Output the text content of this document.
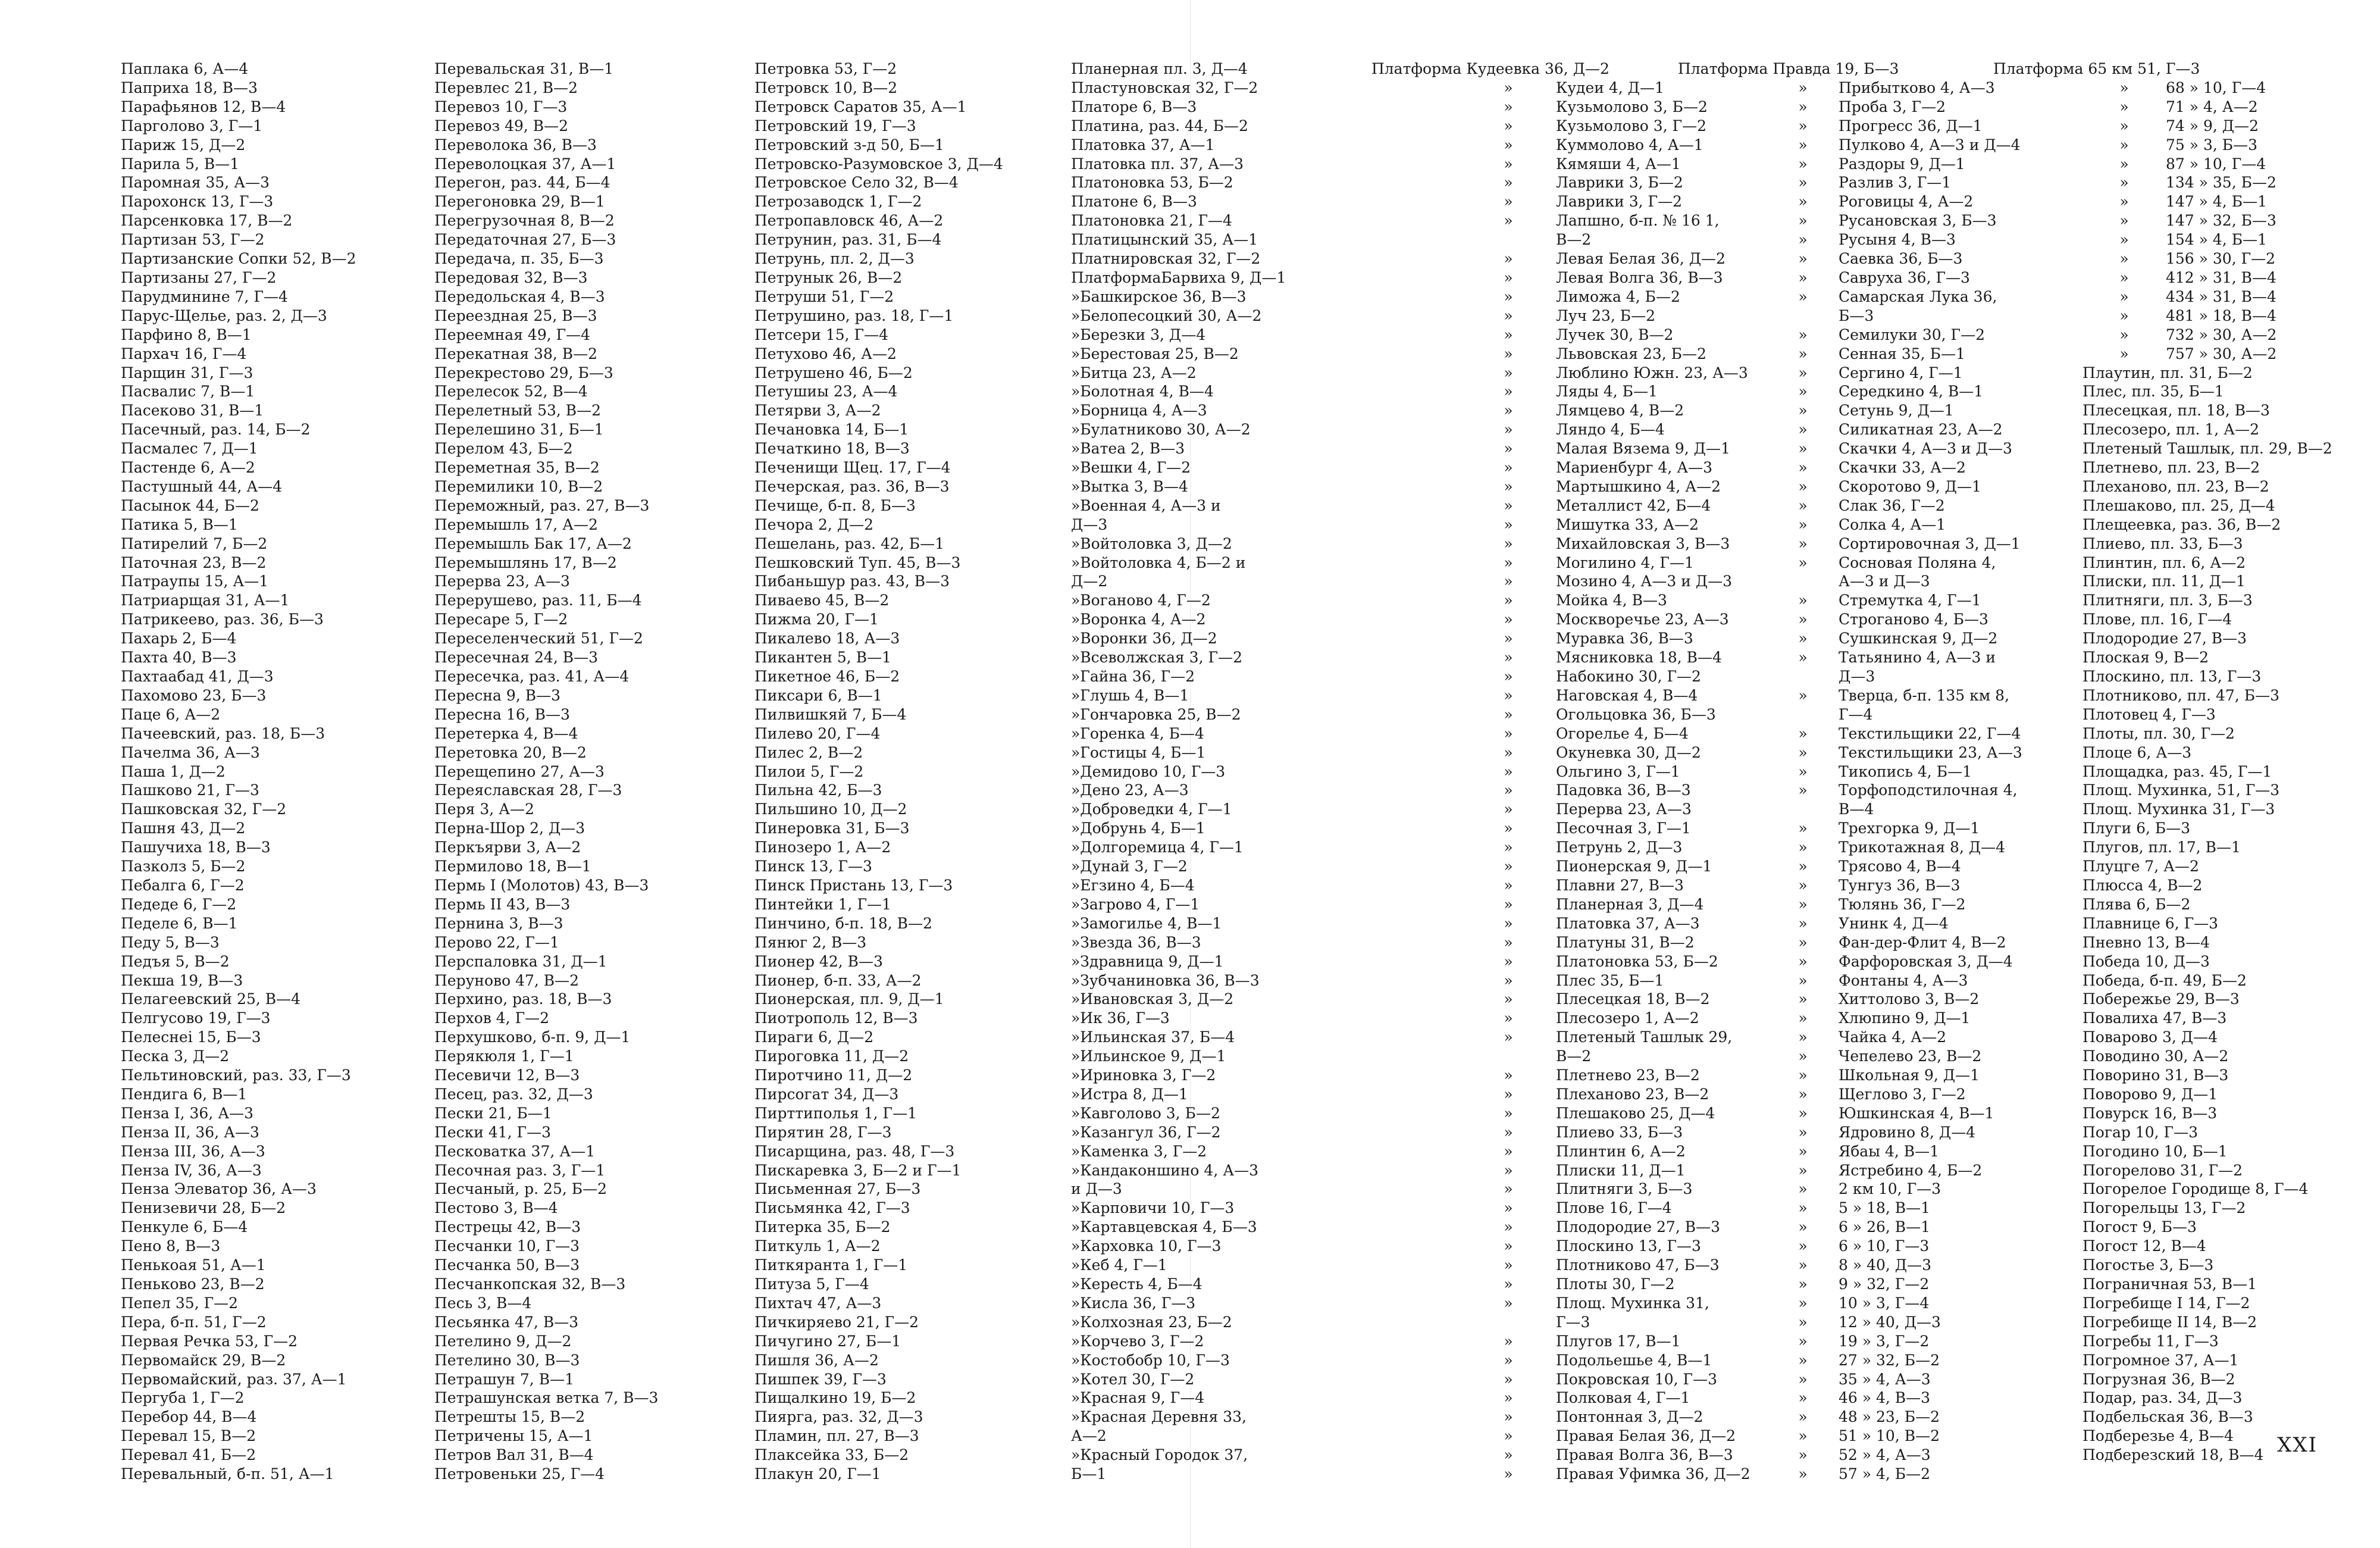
Паплака 6, А—4
Паприха 18, В—3
Парафьянов 12, В—4
Парголово 3, Г—1
Париж 15, Д—2
Парила 5, В—1
Паромная 35, А—3
Парохонск 13, Г—3
Парсенковка 17, В—2
Партизан 53, Г—2
Партизанские Сопки 52, В—2
Партизаны 27, Г—2
Парудминине 7, Г—4
Парус-Щелье, раз. 2, Д—3
Парфино 8, В—1
Пархач 16, Г—4
Парщин 31, Г—3
Пасвалис 7, В—1
Пасеково 31, В—1
Пасечный, раз. 14, Б—2
Пасмалес 7, Д—1
Пастенде 6, А—2
Пастушный 44, А—4
Пасынок 44, Б—2
Патика 5, В—1
Патирелий 7, Б—2
Паточная 23, В—2
Патраупы 15, А—1
Патриарщая 31, А—1
Патрикеево, раз. 36, Б—3
Пахарь 2, Б—4
Пахта 40, В—3
Пахтаабад 41, Д—3
Пахомово 23, Б—3
Паце 6, А—2
Пачеевский, раз. 18, Б—3
Пачелма 36, А—3
Паша 1, Д—2
Пашково 21, Г—3
Пашковская 32, Г—2
Пашня 43, Д—2
Пашучиха 18, В—3
Пазколз 5, Б—2
Пебалга 6, Г—2
Педеде 6, Г—2
Педеле 6, В—1
Педу 5, В—3
Педъя 5, В—2
Пекша 19, В—3
Пелагеевский 25, В—4
Пелгусово 19, Г—3
Пелеснеі 15, Б—3
Песка 3, Д—2
Пельтиновский, раз. 33, Г—3
Пендига 6, В—1
Пенза I, 36, А—3
Пенза II, 36, А—3
Пенза III, 36, А—3
Пенза IV, 36, А—3
Пенза Элеватор 36, А—3
Пенизевичи 28, Б—2
Пенкуле 6, Б—4
Пено 8, В—3
Пенькоая 51, А—1
Пеньково 23, В—2
Пепел 35, Г—2
Пера, б-п. 51, Г—2
Первая Речка 53, Г—2
Первомайск 29, В—2
Первомайский, раз. 37, А—1
Пергуба 1, Г—2
Перебор 44, В—4
Перевал 15, В—2
Перевал 41, Б—2
Перевальный, б-п. 51, А—1
Перевальская 31, В—1
Перевлес 21, В—2
Перевоз 10, Г—3
Перевоз 49, В—2
Переволока 36, В—3
Переволоцкая 37, А—1
Перегон, раз. 44, Б—4
Перегоновка 29, В—1
Перегрузочная 8, В—2
Передаточная 27, Б—3
Передача, п. 35, Б—3
Передовая 32, В—3
Передольская 4, В—3
Переездная 25, В—3
Переемная 49, Г—4
Перекатная 38, В—2
Перекрестово 29, Б—3
Перелесок 52, В—4
Перелетный 53, В—2
Перелешино 31, Б—1
Перелом 43, Б—2
Переметная 35, В—2
Перемилики 10, В—2
Переможный, раз. 27, В—3
Перемышль 17, А—2
Перемышль Бак 17, А—2
Перемышлянь 17, В—2
Перерва 23, А—3
Перерушево, раз. 11, Б—4
Пересаре 5, Г—2
Переселенческий 51, Г—2
Пересечная 24, В—3
Пересечка, раз. 41, А—4
Пересна 9, В—3
Пересна 16, В—3
Перетерка 4, В—4
Перетовка 20, В—2
Перещепино 27, А—3
Переяславская 28, Г—3
Перя 3, А—2
Перна-Шор 2, Д—3
Перкъярви 3, А—2
Пермилово 18, В—1
Пермь I (Молотов) 43, В—3
Пермь II 43, В—3
Пернина 3, В—3
Перово 22, Г—1
Перспаловка 31, Д—1
Перуново 47, В—2
Перхино, раз. 18, В—3
Перхов 4, Г—2
Перхушково, б-п. 9, Д—1
Перякюля 1, Г—1
Песевичи 12, В—3
Песец, раз. 32, Д—3
Пески 21, Б—1
Пески 41, Г—3
Песковатка 37, А—1
Песочная раз. 3, Г—1
Песчаный, р. 25, Б—2
Пестово 3, В—4
Пестрецы 42, В—3
Песчанки 10, Г—3
Песчанка 50, В—3
Песчанкопская 32, В—3
Песь 3, В—4
Песьянка 47, В—3
Петелино 9, Д—2
Петелино 30, В—3
Петрашун 7, В—1
Петрашунская ветка 7, В—3
Петрешты 15, В—2
Петричены 15, А—1
Петров Вал 31, В—4
Петровеньки 25, Г—4
Петровка 53, Г—2
Петровск 10, В—2
Петровск Саратов 35, А—1
Петровский 19, Г—3
Петровский з-д 50, Б—1
Петровско-Разумовское 3, Д—4
Петровское Село 32, В—4
Петрозаводск 1, Г—2
Петропавловск 46, А—2
Петрунин, раз. 31, Б—4
Петрунь, пл. 2, Д—3
Петрунык 26, В—2
Петруши 51, Г—2
Петрушино, раз. 18, Г—1
Петсери 15, Г—4
Петухово 46, А—2
Петрушено 46, Б—2
Петушиы 23, А—4
Петярви 3, А—2
Печановка 14, Б—1
Печаткино 18, В—3
Печенищи Щец. 17, Г—4
Печерская, раз. 36, В—3
Печище, б-п. 8, Б—3
Печора 2, Д—2
Пешелань, раз. 42, Б—1
Пешковский Туп. 45, В—3
Пибаньшур раз. 43, В—3
Пиваево 45, В—2
Пижма 20, Г—1
Пикалево 18, А—3
Пикантен 5, В—1
Пикетное 46, Б—2
Пиксари 6, В—1
Пилвишкяй 7, Б—4
Пилево 20, Г—4
Пилес 2, В—2
Пилои 5, Г—2
Пильна 42, Б—3
Пильшино 10, Д—2
Пинеровка 31, Б—3
Пинозеро 1, А—2
Пинск 13, Г—3
Пинск Пристань 13, Г—3
Пинтейки 1, Г—1
Пинчино, б-п. 18, В—2
Пянюг 2, В—3
Пионер 42, В—3
Пионер, б-п. 33, А—2
Пионерская, пл. 9, Д—1
Пиотрополь 12, В—3
Пираги 6, Д—2
Пироговка 11, Д—2
Пиротчино 11, Д—2
Пирсогат 34, Д—3
Пирттиполья 1, Г—1
Пирятин 28, Г—3
Писарщина, раз. 48, Г—3
Пискаревка 3, Б—2 и Г—1
Письменная 27, Б—3
Письмянка 42, Г—3
Питерка 35, Б—2
Питкуль 1, А—2
Питкяранта 1, Г—1
Питуза 5, Г—4
Пихтач 47, А—3
Пичкиряево 21, Г—2
Пичугино 27, Б—1
Пишля 36, А—2
Пишпек 39, Г—3
Пищалкино 19, Б—2
Пиярга, раз. 32, Д—3
Пламин, пл. 27, В—3
Плакcейка 33, Б—2
Плакун 20, Г—1
Планерная пл. 3, Д—4
Пластуновская 32, Г—2
Платоре 6, В—3
Платина, раз. 44, Б—2
Платовка 37, А—1
Платовка пл. 37, А—3
Платоновка 53, Б—2
Платоне 6, В—3
Платоновка 21, Г—4
Платицынский 35, А—1
Платнировская 32, Г—2
ПлатформаБарвиха 9, Д—1
»Башкирское 36, В—3
»Белопесоцкий 30, А—2
»Березки 3, Д—4
»Берестовая 25, В—2
»Битца 23, А—2
»Болотная 4, В—4
»Борница 4, А—3
»Булатниково 30, А—2
»Ватеа 2, В—3
»Вешки 4, Г—2
»Вытка 3, В—4
»Военная 4, А—3 и
Д—3
»Войтоловка 3, Д—2
»Войтоловка 4, Б—2 и
Д—2
»Воганово 4, Г—2
»Воронка 4, А—2
»Воронки 36, Д—2
»Всеволжская 3, Г—2
»Гайна 36, Г—2
»Глушь 4, В—1
»Гончаровка 25, В—2
»Горенка 4, Б—4
»Гостицы 4, Б—1
»Демидово 10, Г—3
»Дено 23, А—3
»Доброведки 4, Г—1
»Добрунь 4, Б—1
»Долгоремица 4, Г—1
»Дунай 3, Г—2
»Егзино 4, Б—4
»Загрово 4, Г—1
»Замогилье 4, В—1
»Звезда 36, В—3
»Здравница 9, Д—1
»Зубчаниновка 36, В—3
»Ивановская 3, Д—2
»Ик 36, Г—3
»Ильинская 37, Б—4
»Ильинское 9, Д—1
»Ириновка 3, Г—2
»Истра 8, Д—1
»Кавголово 3, Б—2
»Казангул 36, Г—2
»Каменка 3, Г—2
»Кандаконшино 4, А—3
и Д—3
»Карповичи 10, Г—3
»Картавцевская 4, Б—3
»Карховка 10, Г—3
»Кеб 4, Г—1
»Кересть 4, Б—4
»Кисла 36, Г—3
»Колхозная 23, Б—2
»Корчево 3, Г—2
»Костобобр 10, Г—3
»Котел 30, Г—2
»Красная 9, Г—4
»Красная Деревня 33,
А—2
»Красный Городок 37,
Б—1
Платформа Кудеевка 36, Д—2
»	Кудеи 4, Д—1
»	Кузьмолово 3, Б—2
»	Кузьмолово 3, Г—2
»	Куммолово 4, А—1
»	Кямяши 4, А—1
»	Лаврики 3, Б—2
»	Лаврики 3, Г—2
»	Лапшно, б-п. № 16 1,
В—2
»	Левая Белая 36, Д—2
»	Левая Волга 36, В—3
»	Лиможа 4, Б—2
»	Луч 23, Б—2
»	Лучек 30, В—2
»	Львовская 23, Б—2
»	Люблино Южн. 23, А—3
»	Ляды 4, Б—1
»	Лямцево 4, В—2
»	Ляндо 4, Б—4
»	Малая Вязема 9, Д—1
»	Мариенбург 4, А—3
»	Мартышкино 4, А—2
»	Металлист 42, Б—4
»	Мишутка 33, А—2
»	Михайловская 3, В—3
»	Могилино 4, Г—1
»	Мозино 4, А—3 и Д—3
»	Мойка 4, В—3
»	Москворечье 23, А—3
»	Муравка 36, В—3
»	Мясниковка 18, В—4
»	Набокино 30, Г—2
»	Наговская 4, В—4
»	Огольцовка 36, Б—3
»	Огорелье 4, Б—4
»	Окуневка 30, Д—2
»	Ольгино 3, Г—1
»	Падовка 36, В—3
»	Перерва 23, А—3
»	Песочная 3, Г—1
»	Петрунь 2, Д—3
»	Пионерская 9, Д—1
»	Плавни 27, В—3
»	Планерная 3, Д—4
»	Платовка 37, А—3
»	Платуны 31, В—2
»	Платоновка 53, Б—2
»	Плес 35, Б—1
»	Плесецкая 18, В—2
»	Плесозеро 1, А—2
»	Плетеный Ташлык 29,
В—2
»	Плетнево 23, В—2
»	Плехановo 23, В—2
»	Плешаково 25, Д—4
»	Плиево 33, Б—3
»	Плинтин 6, А—2
»	Плиски 11, Д—1
»	Плитняги 3, Б—3
»	Плове 16, Г—4
»	Плодородие 27, В—3
»	Плоскино 13, Г—3
»	Плотниково 47, Б—3
»	Плоты 30, Г—2
»	Площ. Мухинка 31,
Г—3
»	Плугов 17, В—1
»	Подольешье 4, В—1
»	Покровская 10, Г—3
»	Полковая 4, Г—1
»	Понтонная 3, Д—2
»	Правая Белая 36, Д—2
»	Правая Волга 36, В—3
»	Правая Уфимка 36, Д—2
Платформа Правда 19, Б—3
» Прибытково 4, А—3
» Проба 3, Г—2
» Прогресс 36, Д—1
» Пулково 4, А—3 и Д—4
» Раздоры 9, Д—1
» Разлив 3, Г—1
» Роговицы 4, А—2
» Русановская 3, Б—3
» Русыня 4, В—3
» Саевка 36, Б—3
» Савруха 36, Г—3
» Самарская Лука 36,
Б—3
» Семилуки 30, Г—2
» Сенная 35, Б—1
» Сергино 4, Г—1
» Середкино 4, В—1
» Сетунь 9, Д—1
» Силикатная 23, А—2
» Скачки 4, А—3 и Д—3
» Скачки 33, А—2
» Скоротово 9, Д—1
» Слак 36, Г—2
» Солка 4, А—1
» Сортировочная 3, Д—1
» Сосновая Поляна 4,
А—3 и Д—3
» Стремутка 4, Г—1
» Строганово 4, Б—3
» Сушкинская 9, Д—2
» Татьянино 4, А—3 и
Д—3
» Тверца, б-п. 135 км 8,
Г—4
» Текстильщики 22, Г—4
» Текстильщики 23, А—3
» Тикопись 4, Б—1
» Торфоподстилочная 4,
В—4
» Трехгорка 9, Д—1
» Трикотажная 8, Д—4
» Трясово 4, В—4
» Тунгуз 36, В—3
» Тюлянь 36, Г—2
» Унинк 4, Д—4
» Фан-дер-Флит 4, В—2
» Фарфоровская 3, Д—4
» Фонтаны 4, А—3
» Хиттолово 3, В—2
» Хлюпино 9, Д—1
» Чайка 4, А—2
» Чепелево 23, В—2
» Школьная 9, Д—1
» Щеглово 3, Г—2
» Юшкинская 4, В—1
» Ядровино 8, Д—4
» Ябаы 4, В—1
» Ястребино 4, Б—2
» 2 км 10, Г—3
» 5 » 18, В—1
» 6 » 26, В—1
» 6 » 10, Г—3
» 8 » 40, Д—3
» 9 » 32, Г—2
» 10 » 3, Г—4
» 12 » 40, Д—3
» 19 » 3, Г—2
» 27 » 32, Б—2
» 35 » 4, А—3
» 46 » 4, В—3
» 48 » 23, Б—2
» 51 » 10, В—2
» 52 » 4, А—3
» 57 » 4, Б—2
Платформа 65 км 51, Г—3
» 68 » 10, Г—4
» 71 » 4, А—2
» 74 » 9, Д—2
» 75 » 3, Б—3
» 87 » 10, Г—4
» 134 » 35, Б—2
» 147 » 4, Б—1
» 147 » 32, Б—3
» 154 » 4, Б—1
» 156 » 30, Г—2
» 412 » 31, В—4
» 434 » 31, В—4
» 481 » 18, В—4
» 732 » 30, А—2
» 757 » 30, А—2
Плаутин, пл. 31, Б—2
Плес, пл. 35, Б—1
Плесецкая, пл. 18, В—3
Плесозеро, пл. 1, А—2
Плетеный Ташлык, пл. 29, В—2
Плетнево, пл. 23, В—2
Плехановo, пл. 23, В—2
Плешаково, пл. 25, Д—4
Плещеевка, раз. 36, В—2
Плиево, пл. 33, Б—3
Плинтин, пл. 6, А—2
Плиски, пл. 11, Д—1
Плитняги, пл. 3, Б—3
Плове, пл. 16, Г—4
Плодородие 27, В—3
Плоская 9, В—2
Плоскино, пл. 13, Г—3
Плотниково, пл. 47, Б—3
Плотовец 4, Г—3
Плоты, пл. 30, Г—2
Плоце 6, А—3
Площадка, раз. 45, Г—1
Площ. Мухинка, 51, Г—3
Площ. Мухинка 31, Г—3
Плуги 6, Б—3
Плугов, пл. 17, В—1
Плуцге 7, А—2
Плюсса 4, В—2
Плява 6, Б—2
Плавнице 6, Г—3
Пневно 13, В—4
Победа 10, Д—3
Победа, б-п. 49, Б—2
Побережье 29, В—3
Повалиха 47, В—3
Поварово 3, Д—4
Поводино 30, А—2
Поворино 31, В—3
Поворово 9, Д—1
Повурск 16, В—3
Погар 10, Г—3
Погодино 10, Б—1
Погорелово 31, Г—2
Погорелое Городище 8, Г—4
Погорельцы 13, Г—2
Погост 9, Б—3
Погост 12, В—4
Погостье 3, Б—3
Пограничная 53, В—1
Погребище I 14, Г—2
Погребище II 14, В—2
Погребы 11, Г—3
Погромное 37, А—1
Погрузная 36, В—2
Подар, раз. 34, Д—3
Подбельская 36, В—3
Подберезье 4, В—4
Подберезский 18, В—4 XXI
